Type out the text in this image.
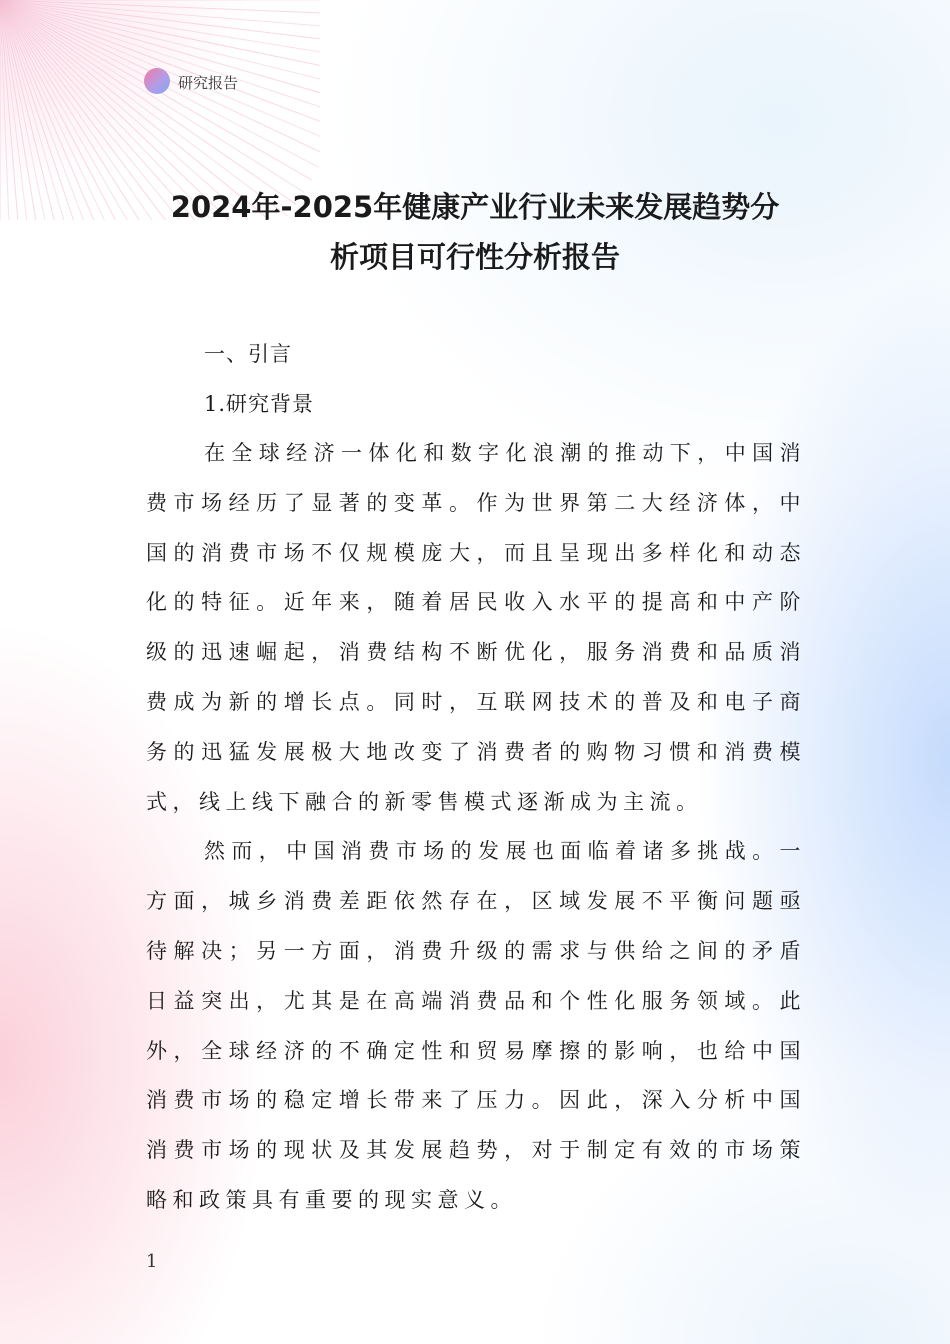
研究报告
2024年-2025年健康产业行业未来发展趋势分
析项目可行性分析报告
一、引言
1.研究背景

在全球经济一体化和数字化浪潮的推动下，中国消费市场经历了显著的变革。作为世界第二大经济体，中国的消费市场不仅规模庞大，而且呈现出多样化和动态化的特征。近年来，随着居民收入水平的提高和中产阶级的迅速崛起，消费结构不断优化，服务消费和品质消费成为新的增长点。同时，互联网技术的普及和电子商务的迅猛发展极大地改变了消费者的购物习惯和消费模式，线上线下融合的新零售模式逐渐成为主流。

然而，中国消费市场的发展也面临着诸多挑战。一方面，城乡消费差距依然存在，区域发展不平衡问题亟待解决；另一方面，消费升级的需求与供给之间的矛盾日益突出，尤其是在高端消费品和个性化服务领域。此外，全球经济的不确定性和贸易摩擦的影响，也给中国消费市场的稳定增长带来了压力。因此，深入分析中国消费市场的现状及其发展趋势，对于制定有效的市场策略和政策具有重要的现实意义。

1
